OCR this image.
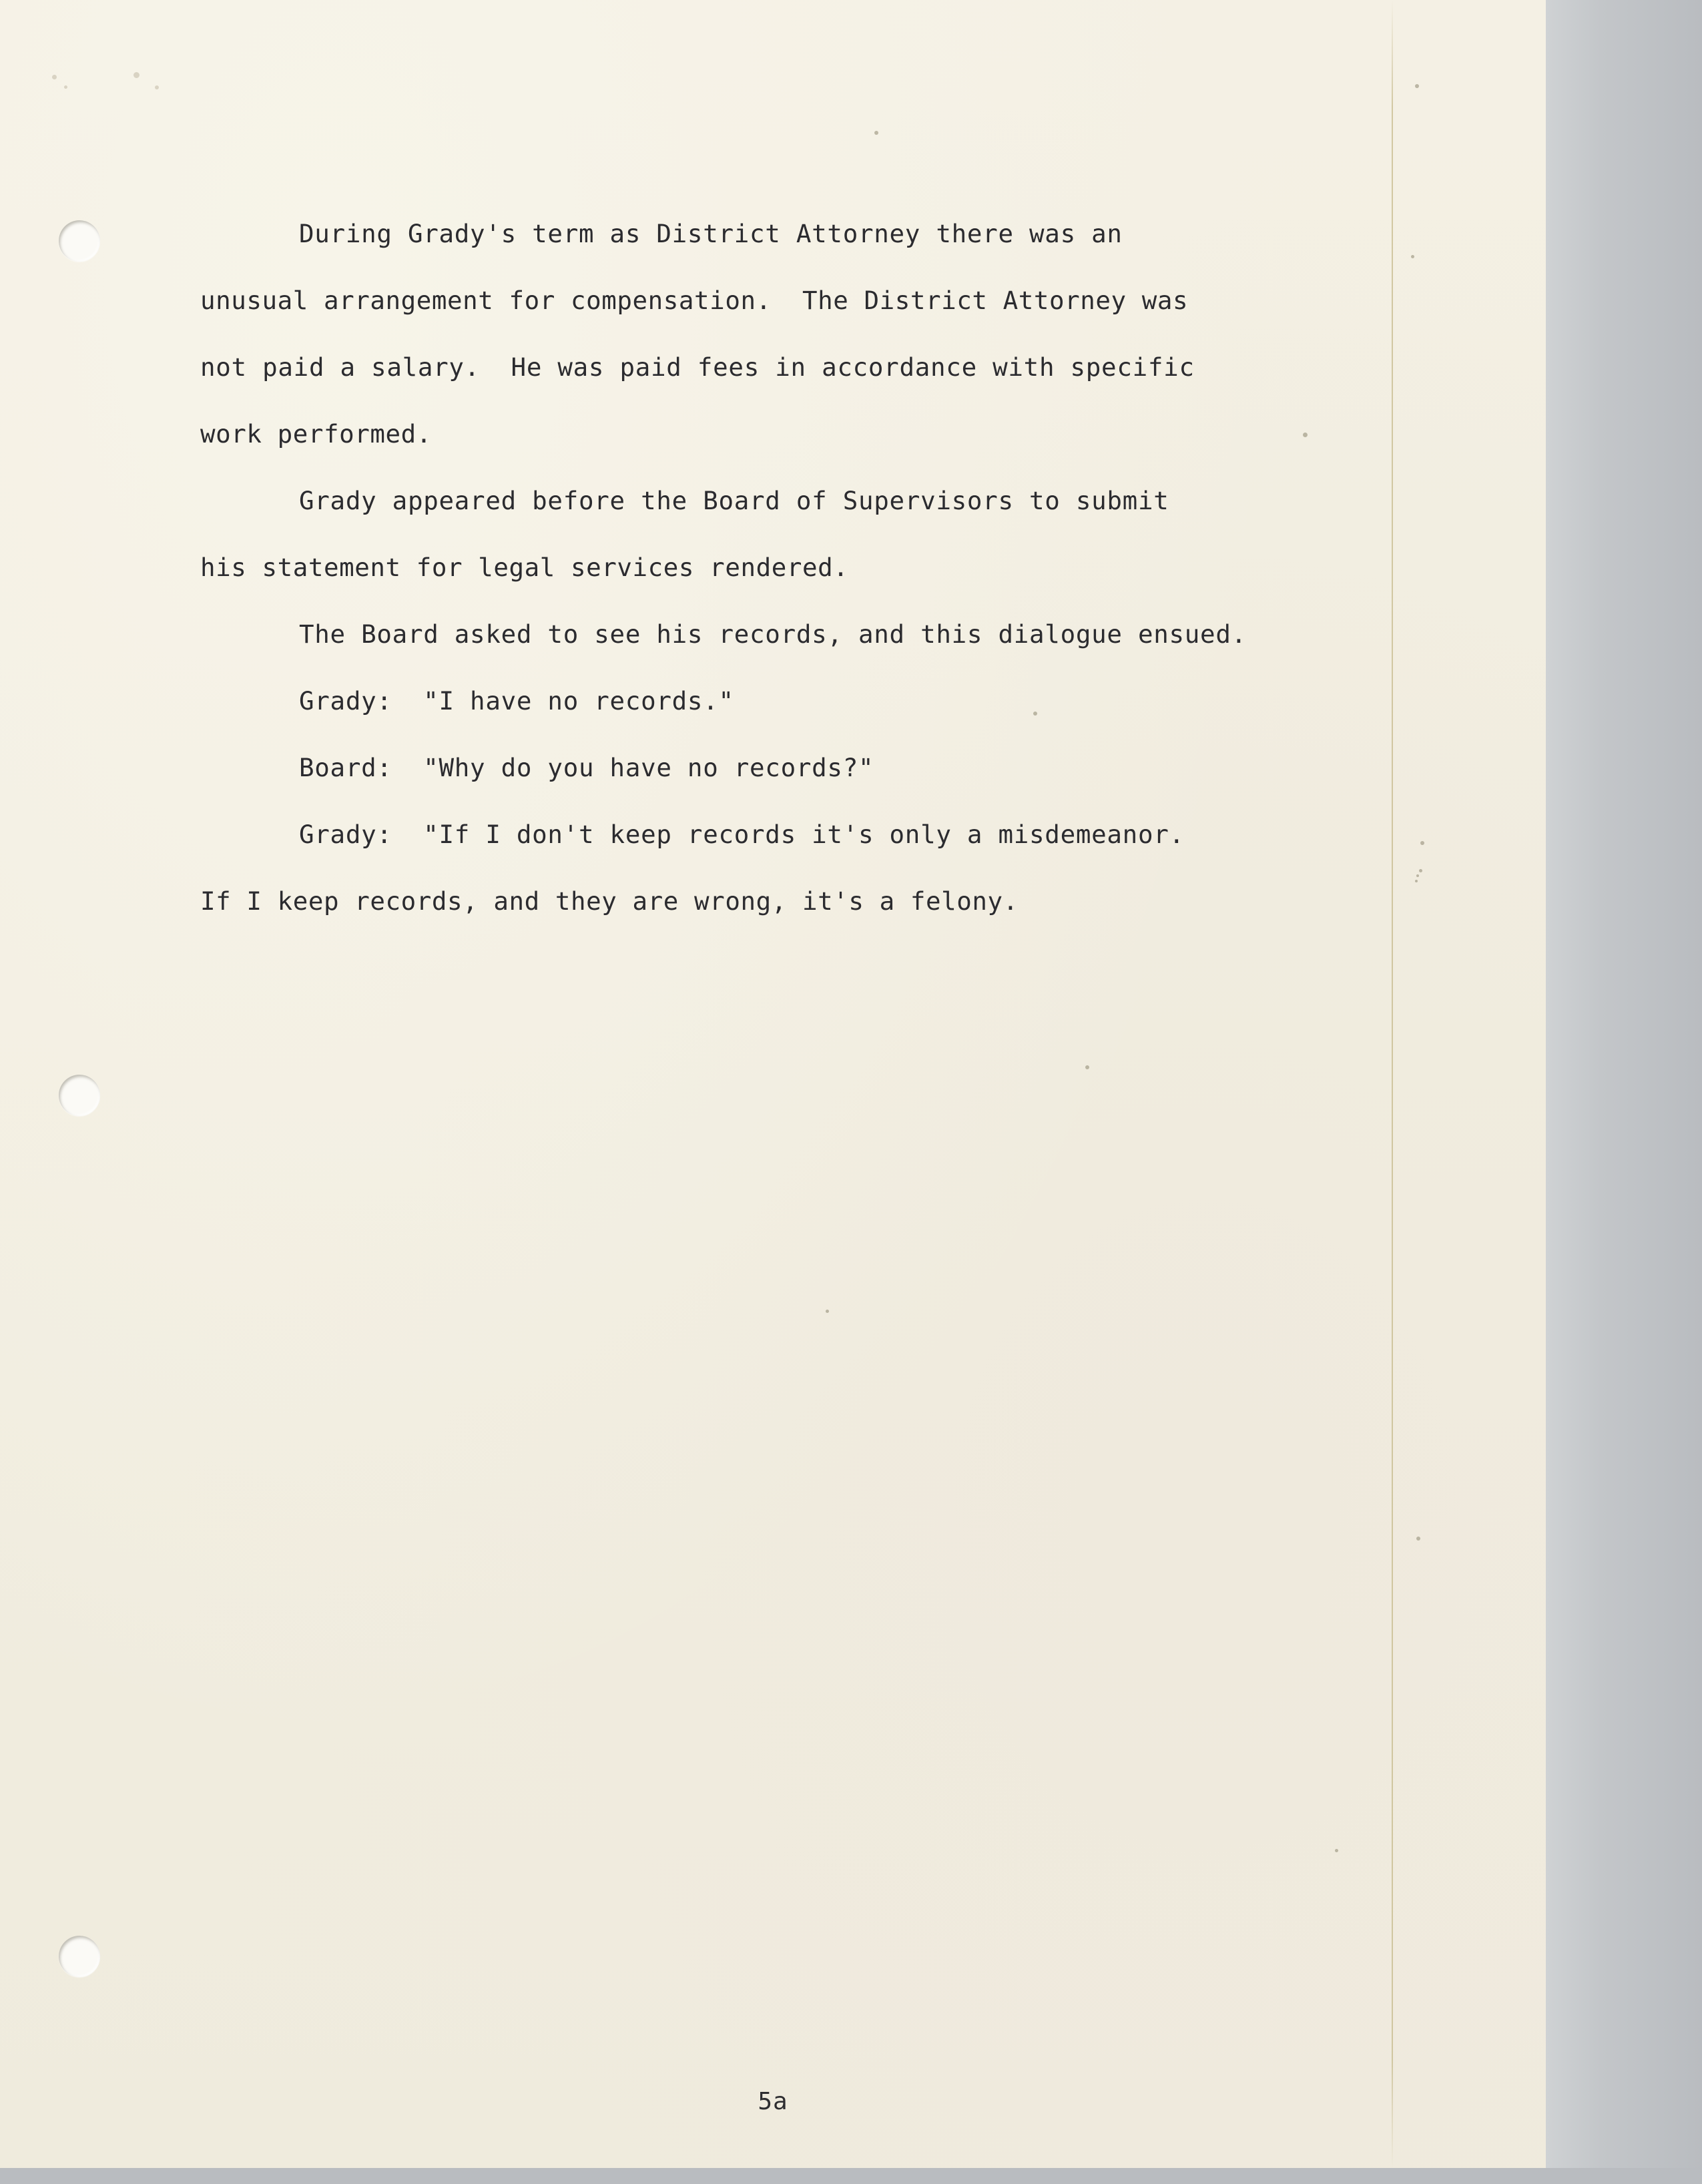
During Grady's term as District Attorney there was an
unusual arrangement for compensation.  The District Attorney was
not paid a salary.  He was paid fees in accordance with specific
work performed.

Grady appeared before the Board of Supervisors to submit
his statement for legal services rendered.

The Board asked to see his records, and this dialogue ensued.

Grady:  "I have no records."

Board:  "Why do you have no records?"

Grady:  "If I don't keep records it's only a misdemeanor.
If I keep records, and they are wrong, it's a felony.

5a
